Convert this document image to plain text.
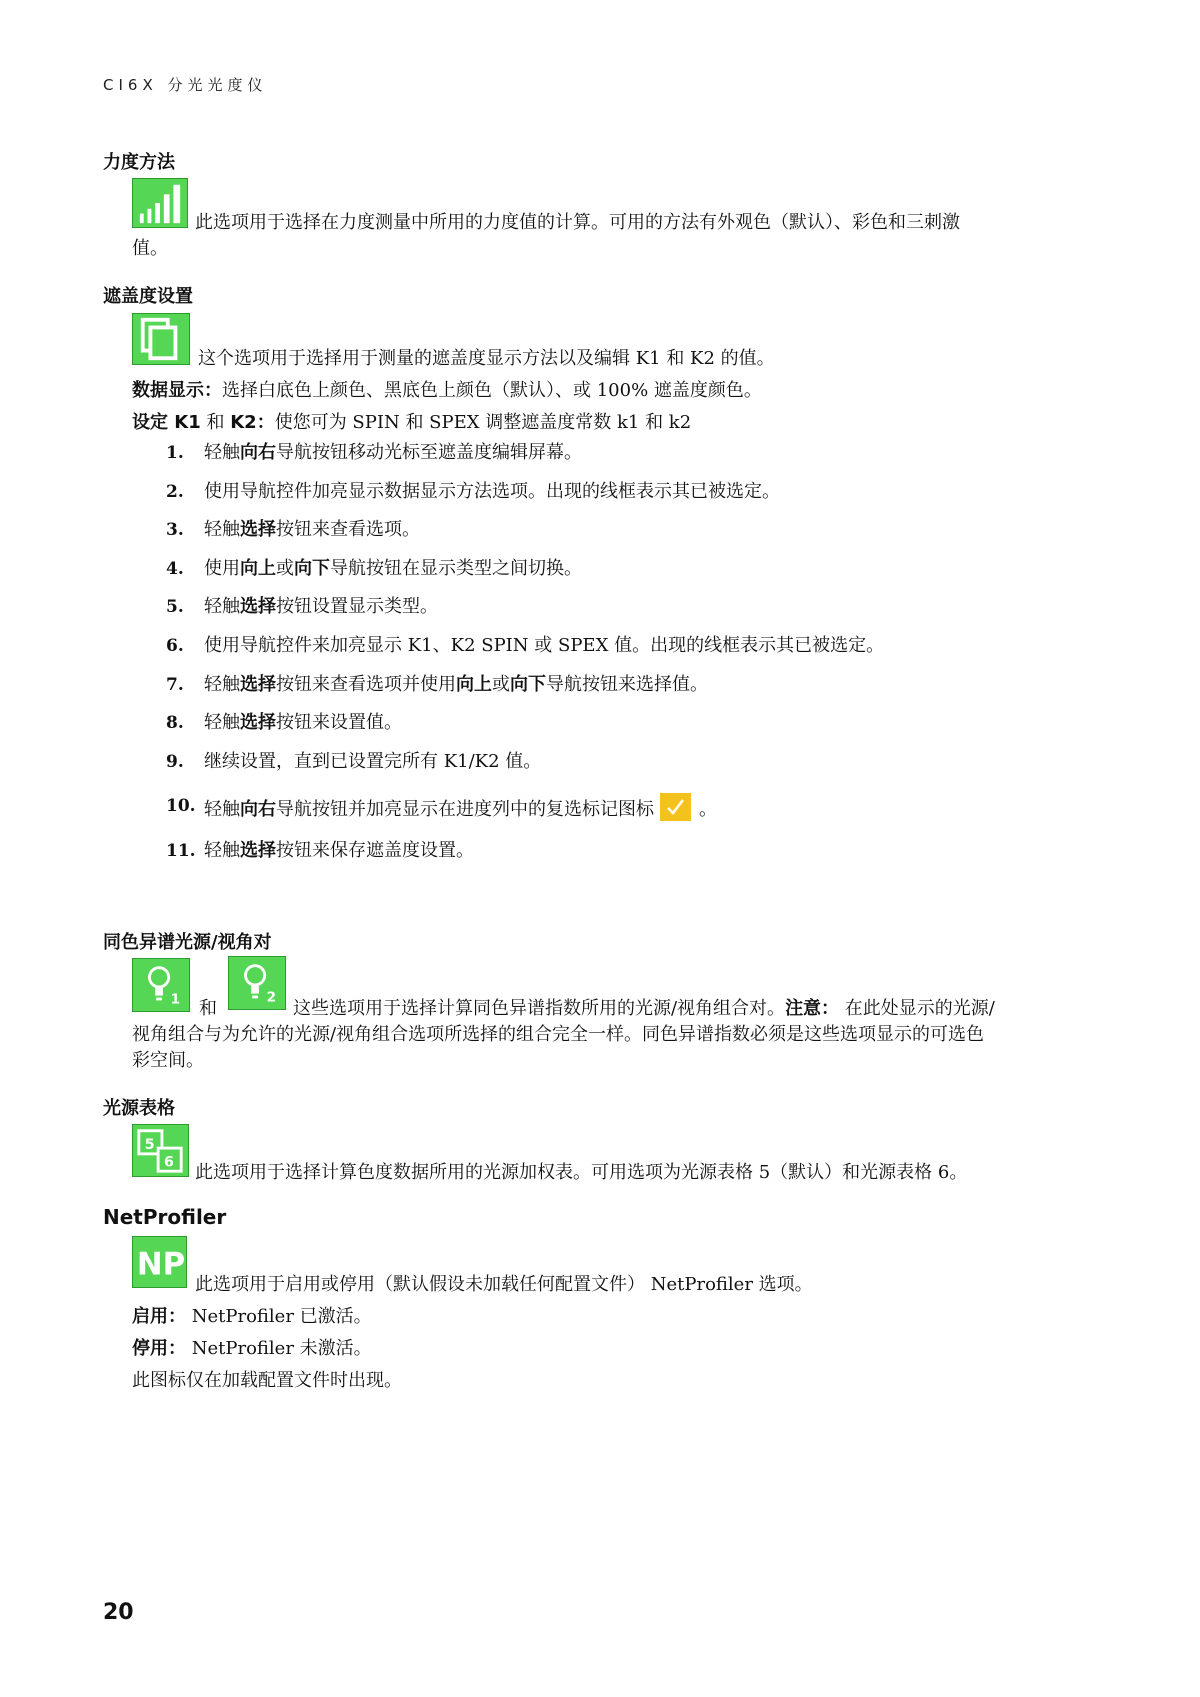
CI6X 分光光度仪
力度方法
此选项用于选择在力度测量中所用的力度值的计算。可用的方法有外观色（默认）、彩色和三刺激
值。
遮盖度设置
这个选项用于选择用于测量的遮盖度显示方法以及编辑 K1 和 K2 的值。
数据显示：选择白底色上颜色、黑底色上颜色（默认）、或 100% 遮盖度颜色。
设定 K1 和 K2：使您可为 SPIN 和 SPEX 调整遮盖度常数 k1 和 k2
1. 轻触向右导航按钮移动光标至遮盖度编辑屏幕。
2. 使用导航控件加亮显示数据显示方法选项。出现的线框表示其已被选定。
3. 轻触选择按钮来查看选项。
4. 使用向上或向下导航按钮在显示类型之间切换。
5. 轻触选择按钮设置显示类型。
6. 使用导航控件来加亮显示 K1、K2 SPIN 或 SPEX 值。出现的线框表示其已被选定。
7. 轻触选择按钮来查看选项并使用向上或向下导航按钮来选择值。
8. 轻触选择按钮来设置值。
9. 继续设置，直到已设置完所有 K1/K2 值。
10. 轻触向右导航按钮并加亮显示在进度列中的复选标记图标	。
11. 轻触选择按钮来保存遮盖度设置。
同色异谱光源/视角对
1 和
2
这些选项用于选择计算同色异谱指数所用的光源/视角组合对。注意： 在此处显示的光源/
视角组合与为允许的光源/视角组合选项所选择的组合完全一样。同色异谱指数必须是这些选项显示的可选色
彩空间。
光源表格
5
6 此选项用于选择计算色度数据所用的光源加权表。可用选项为光源表格 5（默认）和光源表格 6。
NetProfiler
NP
此选项用于启用或停用（默认假设未加载任何配置文件） NetProfiler 选项。
启用： NetProfiler 已激活。
停用： NetProfiler 未激活。
此图标仅在加载配置文件时出现。
20
